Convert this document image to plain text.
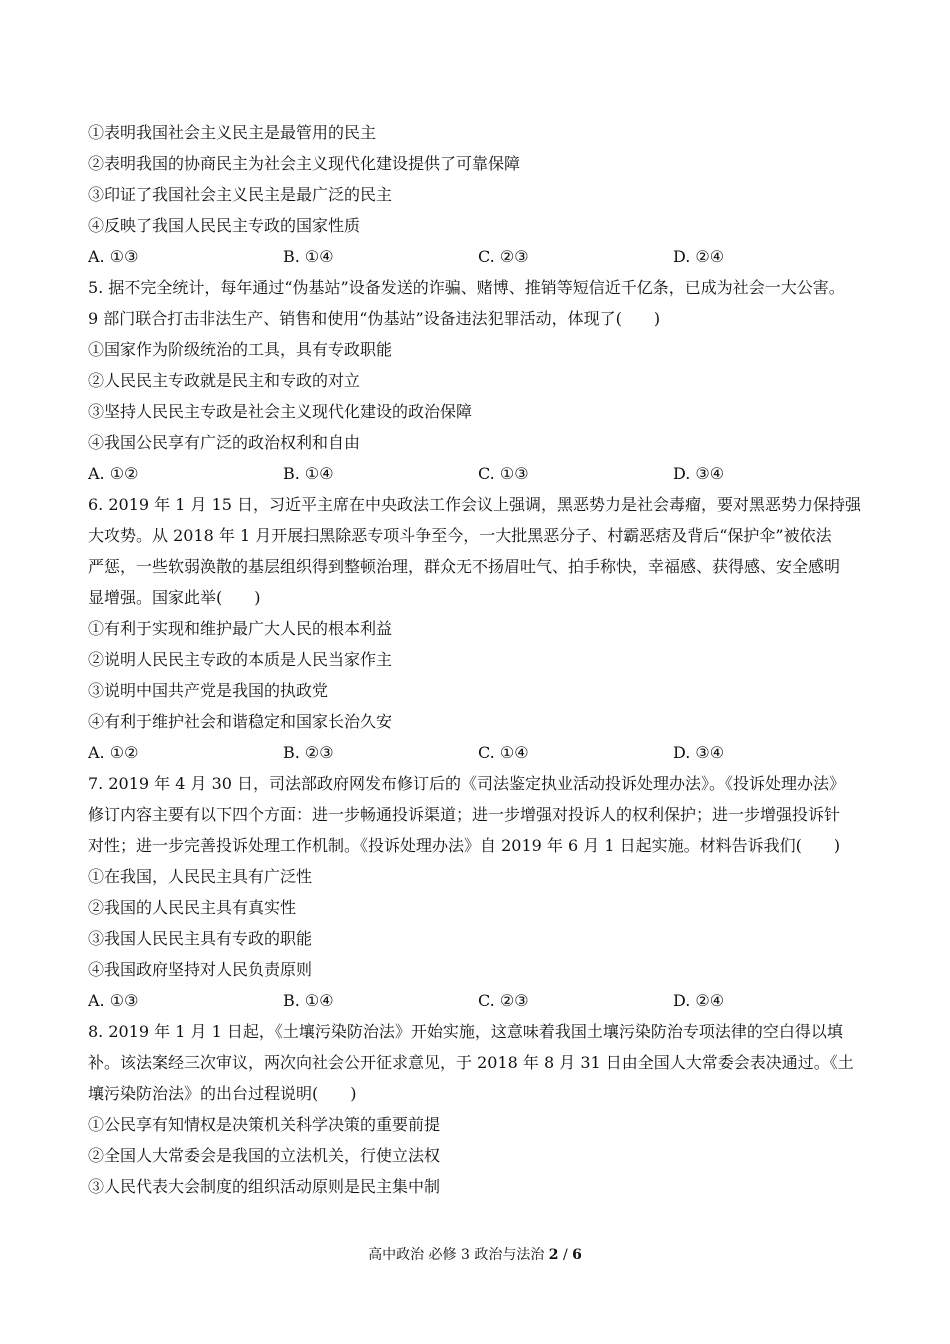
①表明我国社会主义民主是最管用的民主
②表明我国的协商民主为社会主义现代化建设提供了可靠保障
③印证了我国社会主义民主是最广泛的民主
④反映了我国人民民主专政的国家性质
A. ①③	B. ①④	C. ②③	D. ②④
5. 据不完全统计，每年通过“伪基站”设备发送的诈骗、赌博、推销等短信近千亿条，已成为社会一大公害。
9 部门联合打击非法生产、销售和使用“伪基站”设备违法犯罪活动，体现了(　　)
①国家作为阶级统治的工具，具有专政职能
②人民民主专政就是民主和专政的对立
③坚持人民民主专政是社会主义现代化建设的政治保障
④我国公民享有广泛的政治权利和自由
A. ①②	B. ①④	C. ①③	D. ③④
6. 2019 年 1 月 15 日，习近平主席在中央政法工作会议上强调，黑恶势力是社会毒瘤，要对黑恶势力保持强
大攻势。从 2018 年 1 月开展扫黑除恶专项斗争至今，一大批黑恶分子、村霸恶痞及背后“保护伞”被依法
严惩，一些软弱涣散的基层组织得到整顿治理，群众无不扬眉吐气、拍手称快，幸福感、获得感、安全感明
显增强。国家此举(　　)
①有利于实现和维护最广大人民的根本利益
②说明人民民主专政的本质是人民当家作主
③说明中国共产党是我国的执政党
④有利于维护社会和谐稳定和国家长治久安
A. ①②	B. ②③	C. ①④	D. ③④
7. 2019 年 4 月 30 日，司法部政府网发布修订后的《司法鉴定执业活动投诉处理办法》。《投诉处理办法》
修订内容主要有以下四个方面：进一步畅通投诉渠道；进一步增强对投诉人的权利保护；进一步增强投诉针
对性；进一步完善投诉处理工作机制。《投诉处理办法》自 2019 年 6 月 1 日起实施。材料告诉我们(　　)
①在我国，人民民主具有广泛性
②我国的人民民主具有真实性
③我国人民民主具有专政的职能
④我国政府坚持对人民负责原则
A. ①③	B. ①④	C. ②③	D. ②④
8. 2019 年 1 月 1 日起，《土壤污染防治法》开始实施，这意味着我国土壤污染防治专项法律的空白得以填
补。该法案经三次审议，两次向社会公开征求意见，于 2018 年 8 月 31 日由全国人大常委会表决通过。《土
壤污染防治法》的出台过程说明(　　)
①公民享有知情权是决策机关科学决策的重要前提
②全国人大常委会是我国的立法机关，行使立法权
③人民代表大会制度的组织活动原则是民主集中制
高中政治 必修 3 政治与法治 2 / 6
